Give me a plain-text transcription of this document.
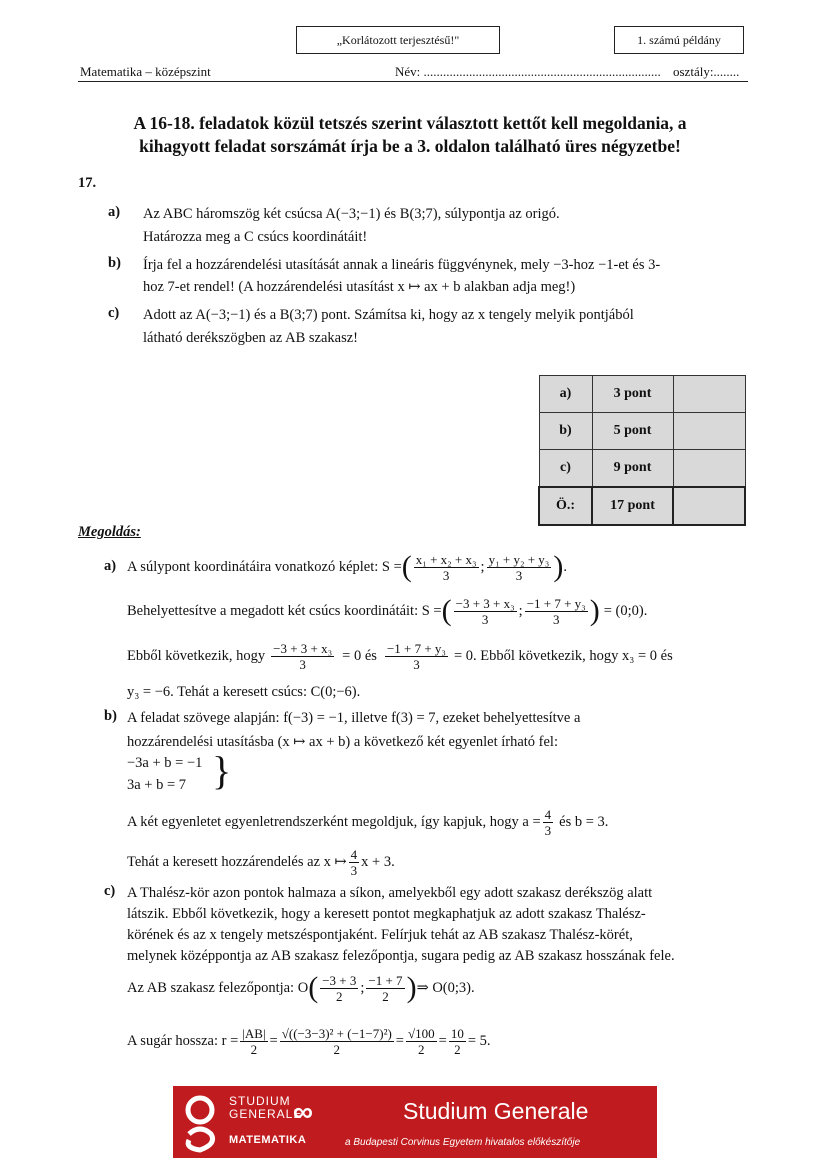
„Korlátozott terjesztésű!"	1. számú példány
Matematika – középszint	Név: ......................................................................... osztály:........
A 16-18. feladatok közül tetszés szerint választott kettőt kell megoldania, a
kihagyott feladat sorszámát írja be a 3. oldalon található üres négyzetbe!
17.
a) Az ABC háromszög két csúcsa A(−3;−1) és B(3;7), súlypontja az origó.
Határozza meg a C csúcs koordinátáit!
b) Írja fel a hozzárendelési utasítását annak a lineáris függvénynek, mely −3-hoz −1-et és 3-
hoz 7-et rendel! (A hozzárendelési utasítást x ↦ ax + b alakban adja meg!)
c) Adott az A(−3;−1) és a B(3;7) pont. Számítsa ki, hogy az x tengely melyik pontjából
látható derékszögben az AB szakasz!
a)	3 pont	
b)	5 pont	
c)	9 pont	
Ö.:	17 pont	
Megoldás:
a) A súlypont koordinátáira vonatkozó képlet: S = ( $\frac{\text{x₁ + x₂ + x₃}}{3}$ ; $\frac{\text{y₁ + y₂ + y₃}}{3}$ ) .
Behelyettesítve a megadott két csúcs koordinátáit: S = ( $\frac{\text{−3 + 3 + x₃}}{3}$ ; $\frac{\text{−1 + 7 + y₃}}{3}$ ) = (0;0).
Ebből következik, hogy $\frac{\text{−3 + 3 + x₃}}{3} = 0$ és $\frac{\text{−1 + 7 + y₃}}{3} = 0$. Ebből következik, hogy x₃ = 0 és
y₃ = −6. Tehát a keresett csúcs: C(0;−6).
b) A feladat szövege alapján: f(−3) = −1, illetve f(3) = 7, ezeket behelyettesítve a
hozzárendelési utasításba (x ↦ ax + b) a következő két egyenlet írható fel:
−3a + b = −1
3a + b = 7 }
A két egyenletet egyenletrendszerként megoldjuk, így kapjuk, hogy $a = \frac{4}{3}$ és b = 3.
Tehát a keresett hozzárendelés az x ↦ $\frac{4}{3}$ x + 3.
c) A Thalész-kör azon pontok halmaza a síkon, amelyekből egy adott szakasz derékszög alatt
látszik. Ebből következik, hogy a keresett pontot megkaphatjuk az adott szakasz Thalész-
körének és az x tengely metszéspontjaként. Felírjuk tehát az AB szakasz Thalész-körét,
melynek középpontja az AB szakasz felezőpontja, sugara pedig az AB szakasz hosszának fele.
Az AB szakasz felezőpontja: O ( $\frac{-3 + 3}{2}$ ; $\frac{-1 + 7}{2}$ ) ⇒ O(0;3).
A sugár hossza: $r = \frac{|AB|}{2} = \frac{\text{√((−3−3)² + (−1−7)²)}}{2} = \frac{√100}{2} = \frac{10}{2} = 5$.
STUDIUM
GENERALE
∞
MATEMATIKA
Studium Generale
a Budapesti Corvinus Egyetem hivatalos előkészítője
